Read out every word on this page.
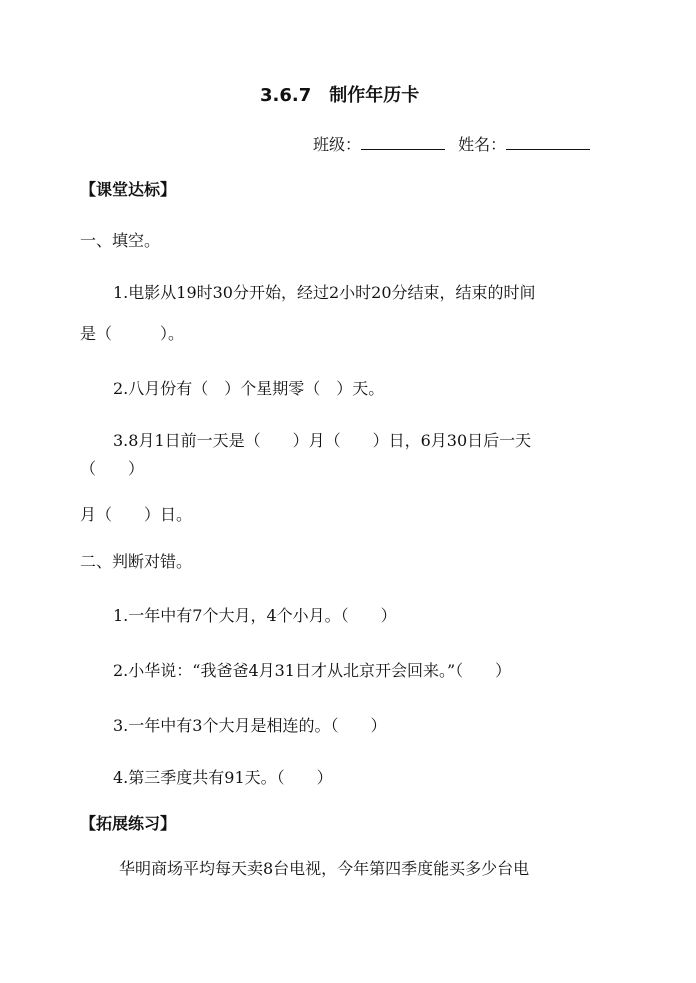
3.6.7　制作年历卡
班级：	姓名：
【课堂达标】
一、填空。
1.电影从19时30分开始，经过2小时20分结束，结束的时间
是（　　　）。
2.八月份有（　）个星期零（　）天。
3.8月1日前一天是（　　）月（　　）日，6月30日后一天
（　　）
月（　　）日。
二、判断对错。
1.一年中有7个大月，4个小月。（　　）
2.小华说：“我爸爸4月31日才从北京开会回来。”（　　）
3.一年中有3个大月是相连的。（　　）
4.第三季度共有91天。（　　）
【拓展练习】
华明商场平均每天卖8台电视，今年第四季度能买多少台电
